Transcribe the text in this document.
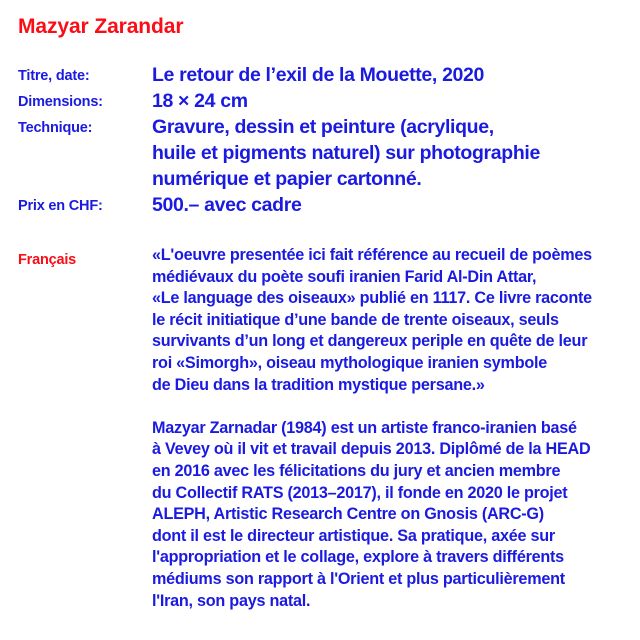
Mazyar Zarandar
Titre, date:	Le retour de l’exil de la Mouette, 2020

Dimensions:	18 × 24 cm

Technique:	Gravure, dessin et peinture (acrylique,
huile et pigments naturel) sur photographie
numérique et papier cartonné.

Prix en CHF:	500.– avec cadre
Français	«L'oeuvre presentée ici fait référence au recueil de poèmes
médiévaux du poète soufi iranien Farid Al-Din Attar,
«Le language des oiseaux» publié en 1117. Ce livre raconte
le récit initiatique d’une bande de trente oiseaux, seuls
survivants d’un long et dangereux periple en quête de leur
roi «Simorgh», oiseau mythologique iranien symbole
de Dieu dans la tradition mystique persane.»
Mazyar Zarnadar (1984) est un artiste franco-iranien basé
à Vevey où il vit et travail depuis 2013. Diplômé de la HEAD
en 2016 avec les félicitations du jury et ancien membre
du Collectif RATS (2013–2017), il fonde en 2020 le projet
ALEPH, Artistic Research Centre on Gnosis (ARC-G)
dont il est le directeur artistique. Sa pratique, axée sur
l'appropriation et le collage, explore à travers différents
médiums son rapport à l'Orient et plus particulièrement
l'Iran, son pays natal.
